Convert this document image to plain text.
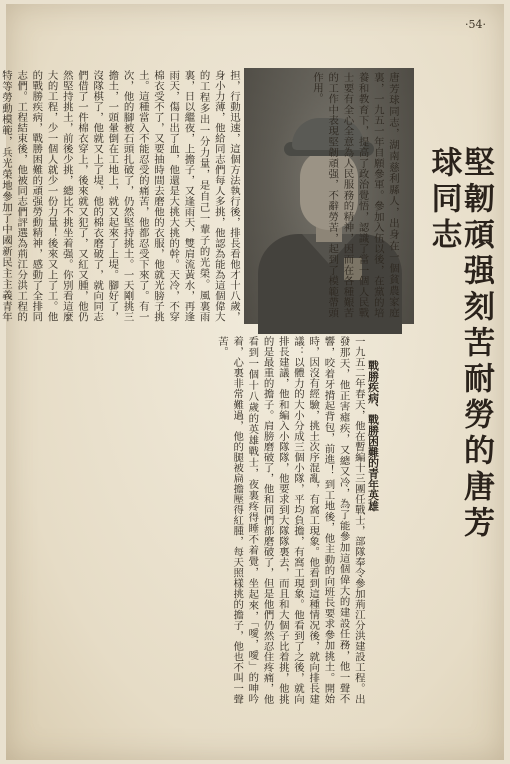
·54·
堅韌頑强刻苦耐勞的唐芳球同志
唐芳球同志，湖南慈利縣人，出身在一個貧農家庭裏，一九五一年自願參軍。參加入伍以後，在黨的培養和教育下，提高了政治覺悟，認識了當一個人民戰士要有全心全意為人民服務的精神，因而在各種艱苦的工作中表現堅韌頑强，不辭勞苦，起到了模範帶頭作用。
戰勝疾病、戰勝困難的青年英雄
一九五二年春天，他在暫編十三團任戰士，部隊奉令參加荊江分洪建設工程。出發那天，他正害瘧疾，又總又冷，為了能參加這個偉大的建設任務，他一聲不響，咬着牙揹起背包，前進！ 到工地後，他主動的向班長要求參加挑土。開始時，因沒有經驗，挑土次序混亂，有窩工現象。他看到這種情况後，就向排長建議：以體力的大小分成三個小隊，平均負擔，有窩工現象。他看到了之後，就向排長建議，他和編入小隊隊，他要求到大隊隊裏去，而且和大個子比着挑，他挑的是最重的擔子。肩膀磨破了，他和同們都磨破了，但是他們仍然忍住疼痛，他看到一個十八歲的英雄戰士，夜裏疼得睡不着覺，坐起來，「噯，噯」的呻吟着，心裏非常難過，他的腿被扁擔壓得紅腫，每天照樣挑的擔子，他也不叫一聲苦。
担，行動迅速，這個方法執行後，排長看他才十八歲，身小力薄，他給同志們每人多挑，他認為能為這個偉大的工程多出一分力量，是自己一輩子的光榮。風裏雨裏，日以繼夜，上擔子，又逢雨天，雙肩流黃水，再逢雨天，傷口出了血，他還是大挑大挑的幹。天冷，不穿棉衣受不了，又要抽時間去磨他的衣服，他就光膀子挑土。這種當入不能忍受的痛苦，他都忍受下來了。有一次，他的腳被石頭扎破了，仍然堅持挑土。一天剛挑三擔土，一頭暈倒在工地上，就又起來了上堤。腳好了，沒隊棋了，他就又上了堤，他的棉衣磨破了，就向同志們借了一件棉衣穿上，後來就又犯了，又紅又腫，他仍然堅持挑土，前後少挑，總比不挑坐着强。你別看這麼大的工程，少一個人就少一份力量！後來又上了工。他的戰勝疾病，戰勝困難的頑强勞動精神，感動了全排同志們。工程結束後，他被同志們評選為荊江分洪工程的特等勞動模範，兵光榮地參加了中國新民主主義青年
